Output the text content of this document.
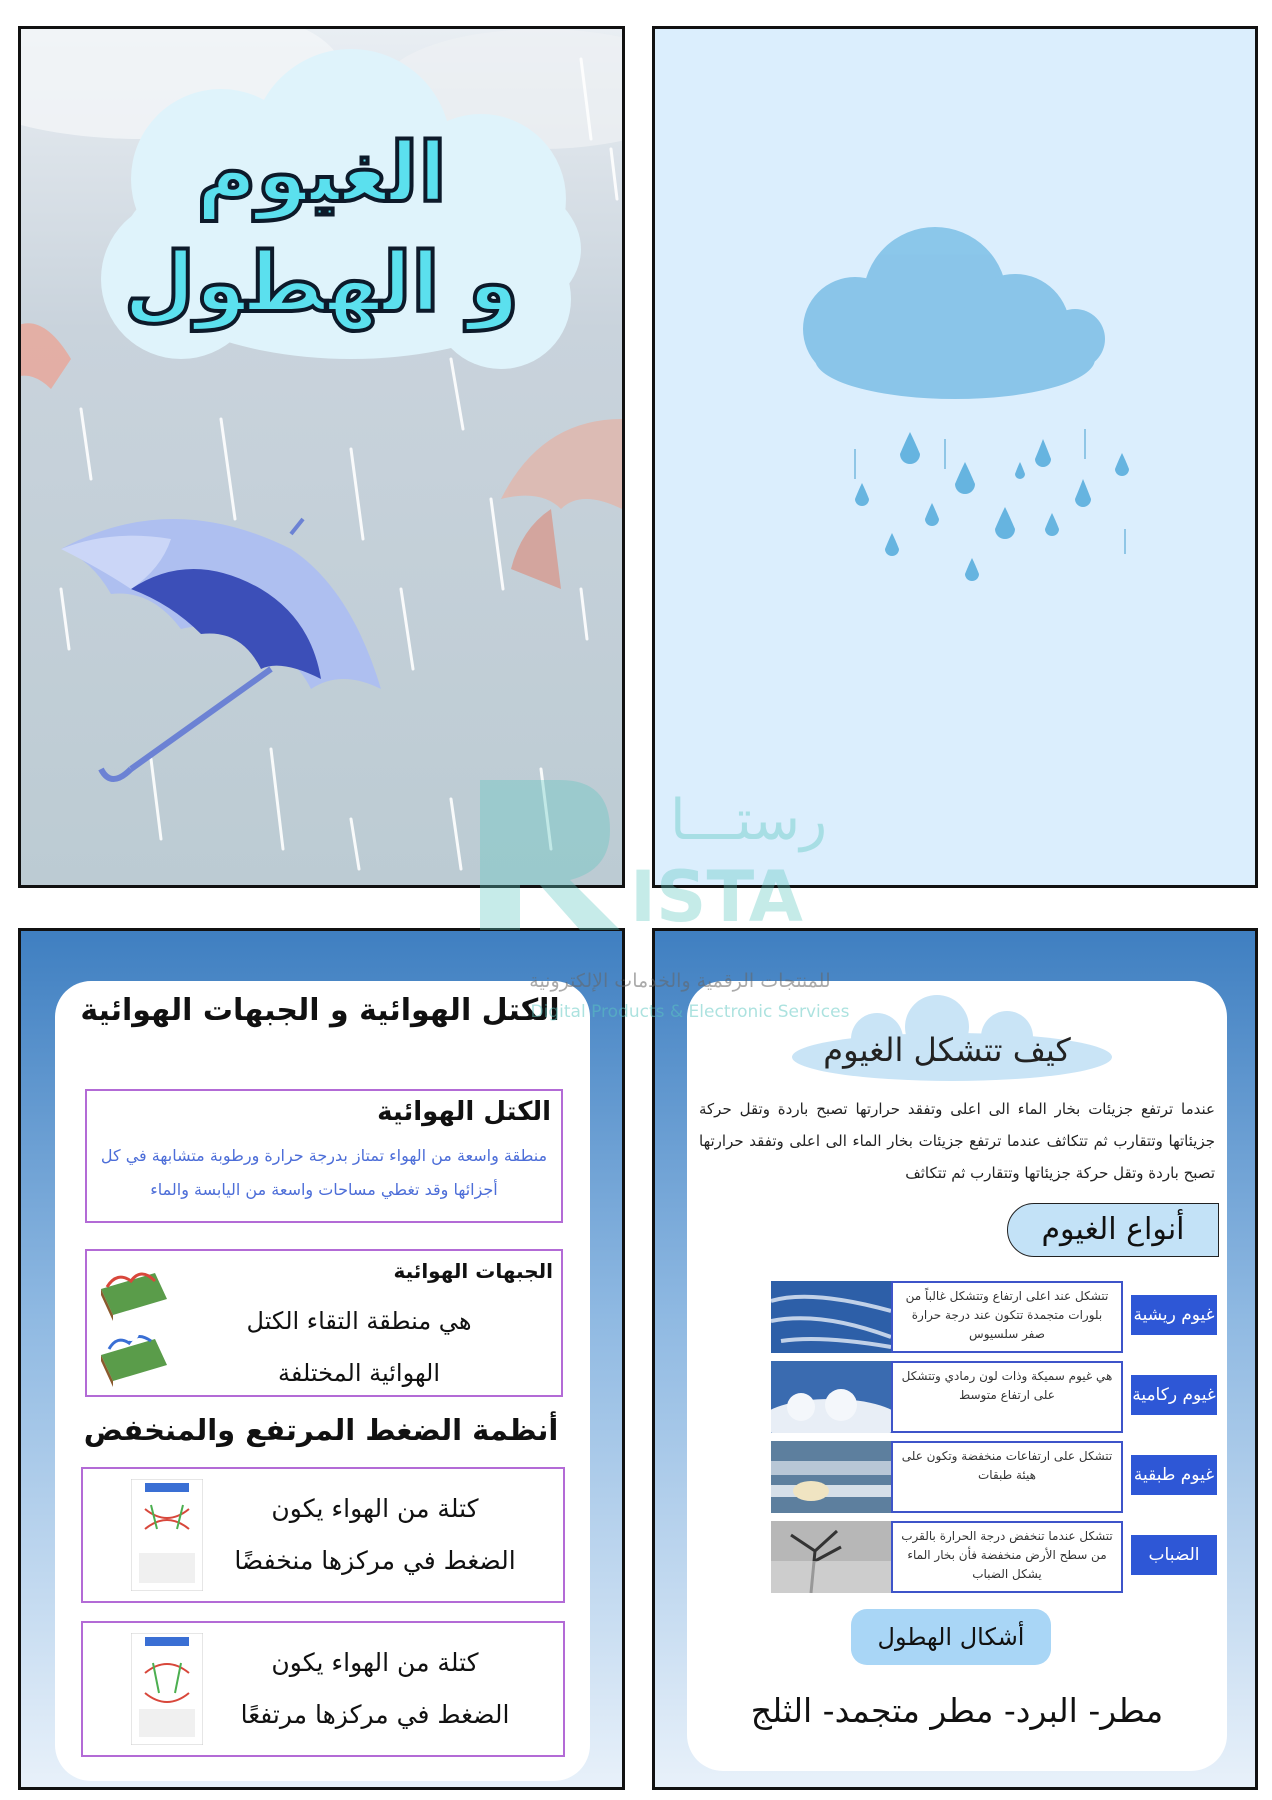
الغيوم
و الهطول
الكتل الهوائية و الجبهات الهوائية
الكتل الهوائية
منطقة واسعة من الهواء تمتاز بدرجة حرارة ورطوبة متشابهة في كل أجزائها وقد تغطي مساحات واسعة من اليابسة والماء
الجبهات الهوائية
هي منطقة التقاء الكتل
الهوائية المختلفة
أنظمة الضغط المرتفع والمنخفض
كتلة من الهواء يكون
الضغط في مركزها منخفضًا
كتلة من الهواء يكون
الضغط في مركزها مرتفعًا
كيف تتشكل الغيوم
عندما ترتفع جزيئات بخار الماء الى اعلى وتفقد حرارتها تصبح باردة وتقل حركة جزيئاتها وتتقارب ثم تتكاثف عندما ترتفع جزيئات بخار الماء الى اعلى وتفقد حرارتها تصبح باردة وتقل حركة جزيئاتها وتتقارب ثم تتكاثف
أنواع الغيوم
تتشكل عند اعلى ارتفاع وتتشكل غالباً من بلورات متجمدة تتكون عند درجة حرارة صفر سلسيوس
غيوم ريشية
هي غيوم سميكة وذات لون رمادي وتتشكل على ارتفاع متوسط	غيوم ركامية
تتشكل على ارتفاعات منخفضة وتكون على هيئة طبقات	غيوم طبقية
تتشكل عندما تنخفض درجة الحرارة بالقرب من سطح الأرض منخفضة فأن بخار الماء يشكل الضباب
الضباب
أشكال الهطول
مطر- البرد- مطر متجمد- الثلج
رستـــا
ISTA
للمنتجات الرقمية والخدمات الإلكترونية
Digital Products & Electronic Services
